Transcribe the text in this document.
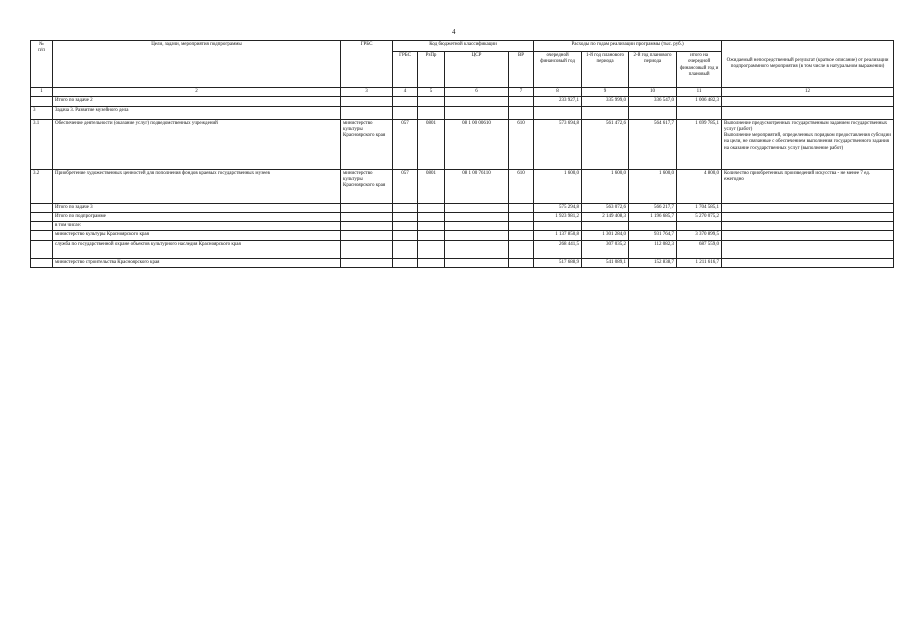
4
№
п/п	Цели, задачи, мероприятия подпрограммы	ГРБС	Код бюджетной классификации				Расходы по годам реализации программы (тыс. руб.)				Ожидаемый непосредственный результат (краткое описание) от реализации подпрограммного мероприятия (в том числе в натуральном выражении)
			ГРБС	РзПр	ЦСР	ВР	очередной финансовый год	1-й год планового периода	2-й год планового периода	итого на очередной финансовый год и плановый	
1	2	3	4	5	6	7	8	9	10	11	12
	Итого по задаче 2						233 927,1	335 999,0	336 547,0	1 006 482,3	
3	Задача 3. Развитие музейного дела										
3.1	Обеспечение деятельности (оказание услуг) подведомственных учреждений	министерство культуры Красноярского края	057	0801	08 1 00 00610	610	573 694,8	561 472,6	564 617,7	1 699 785,1	Выполнение предусмотренных государственным заданием государственных услуг (работ)
Выполнение мероприятий, определенных порядком предоставления субсидии на цели, не связанные с обеспечением выполнения государственного задания на оказание государственных услуг (выполнение работ)
3.2	Приобретение художественных ценностей для пополнения фондов краевых государственных музеев	министерство культуры Красноярского края	057	0801	08 1 00 76110	610	1 600,0	1 600,0	1 600,0	4 800,0	Количество приобретенных произведений искусства - не менее 7 ед. ежегодно
	Итого по задаче 3						575 294,8	563 072,6	566 217,7	1 704 585,1	
	Итого по подпрограмме						1 923 981,2	2 149 408,3	1 196 685,7	5 270 075,2	
	в том числе:										
	министерство культуры Красноярского края						1 137 850,8	1 301 284,0	931 764,7	3 370 899,5	
	служба по государственной охране объектов культурного наследия Красноярского края						268 441,5	307 035,2	112 082,3	687 559,0	
	министерство строительства Красноярского края						517 688,9	541 089,1	152 838,7	1 211 616,7	
